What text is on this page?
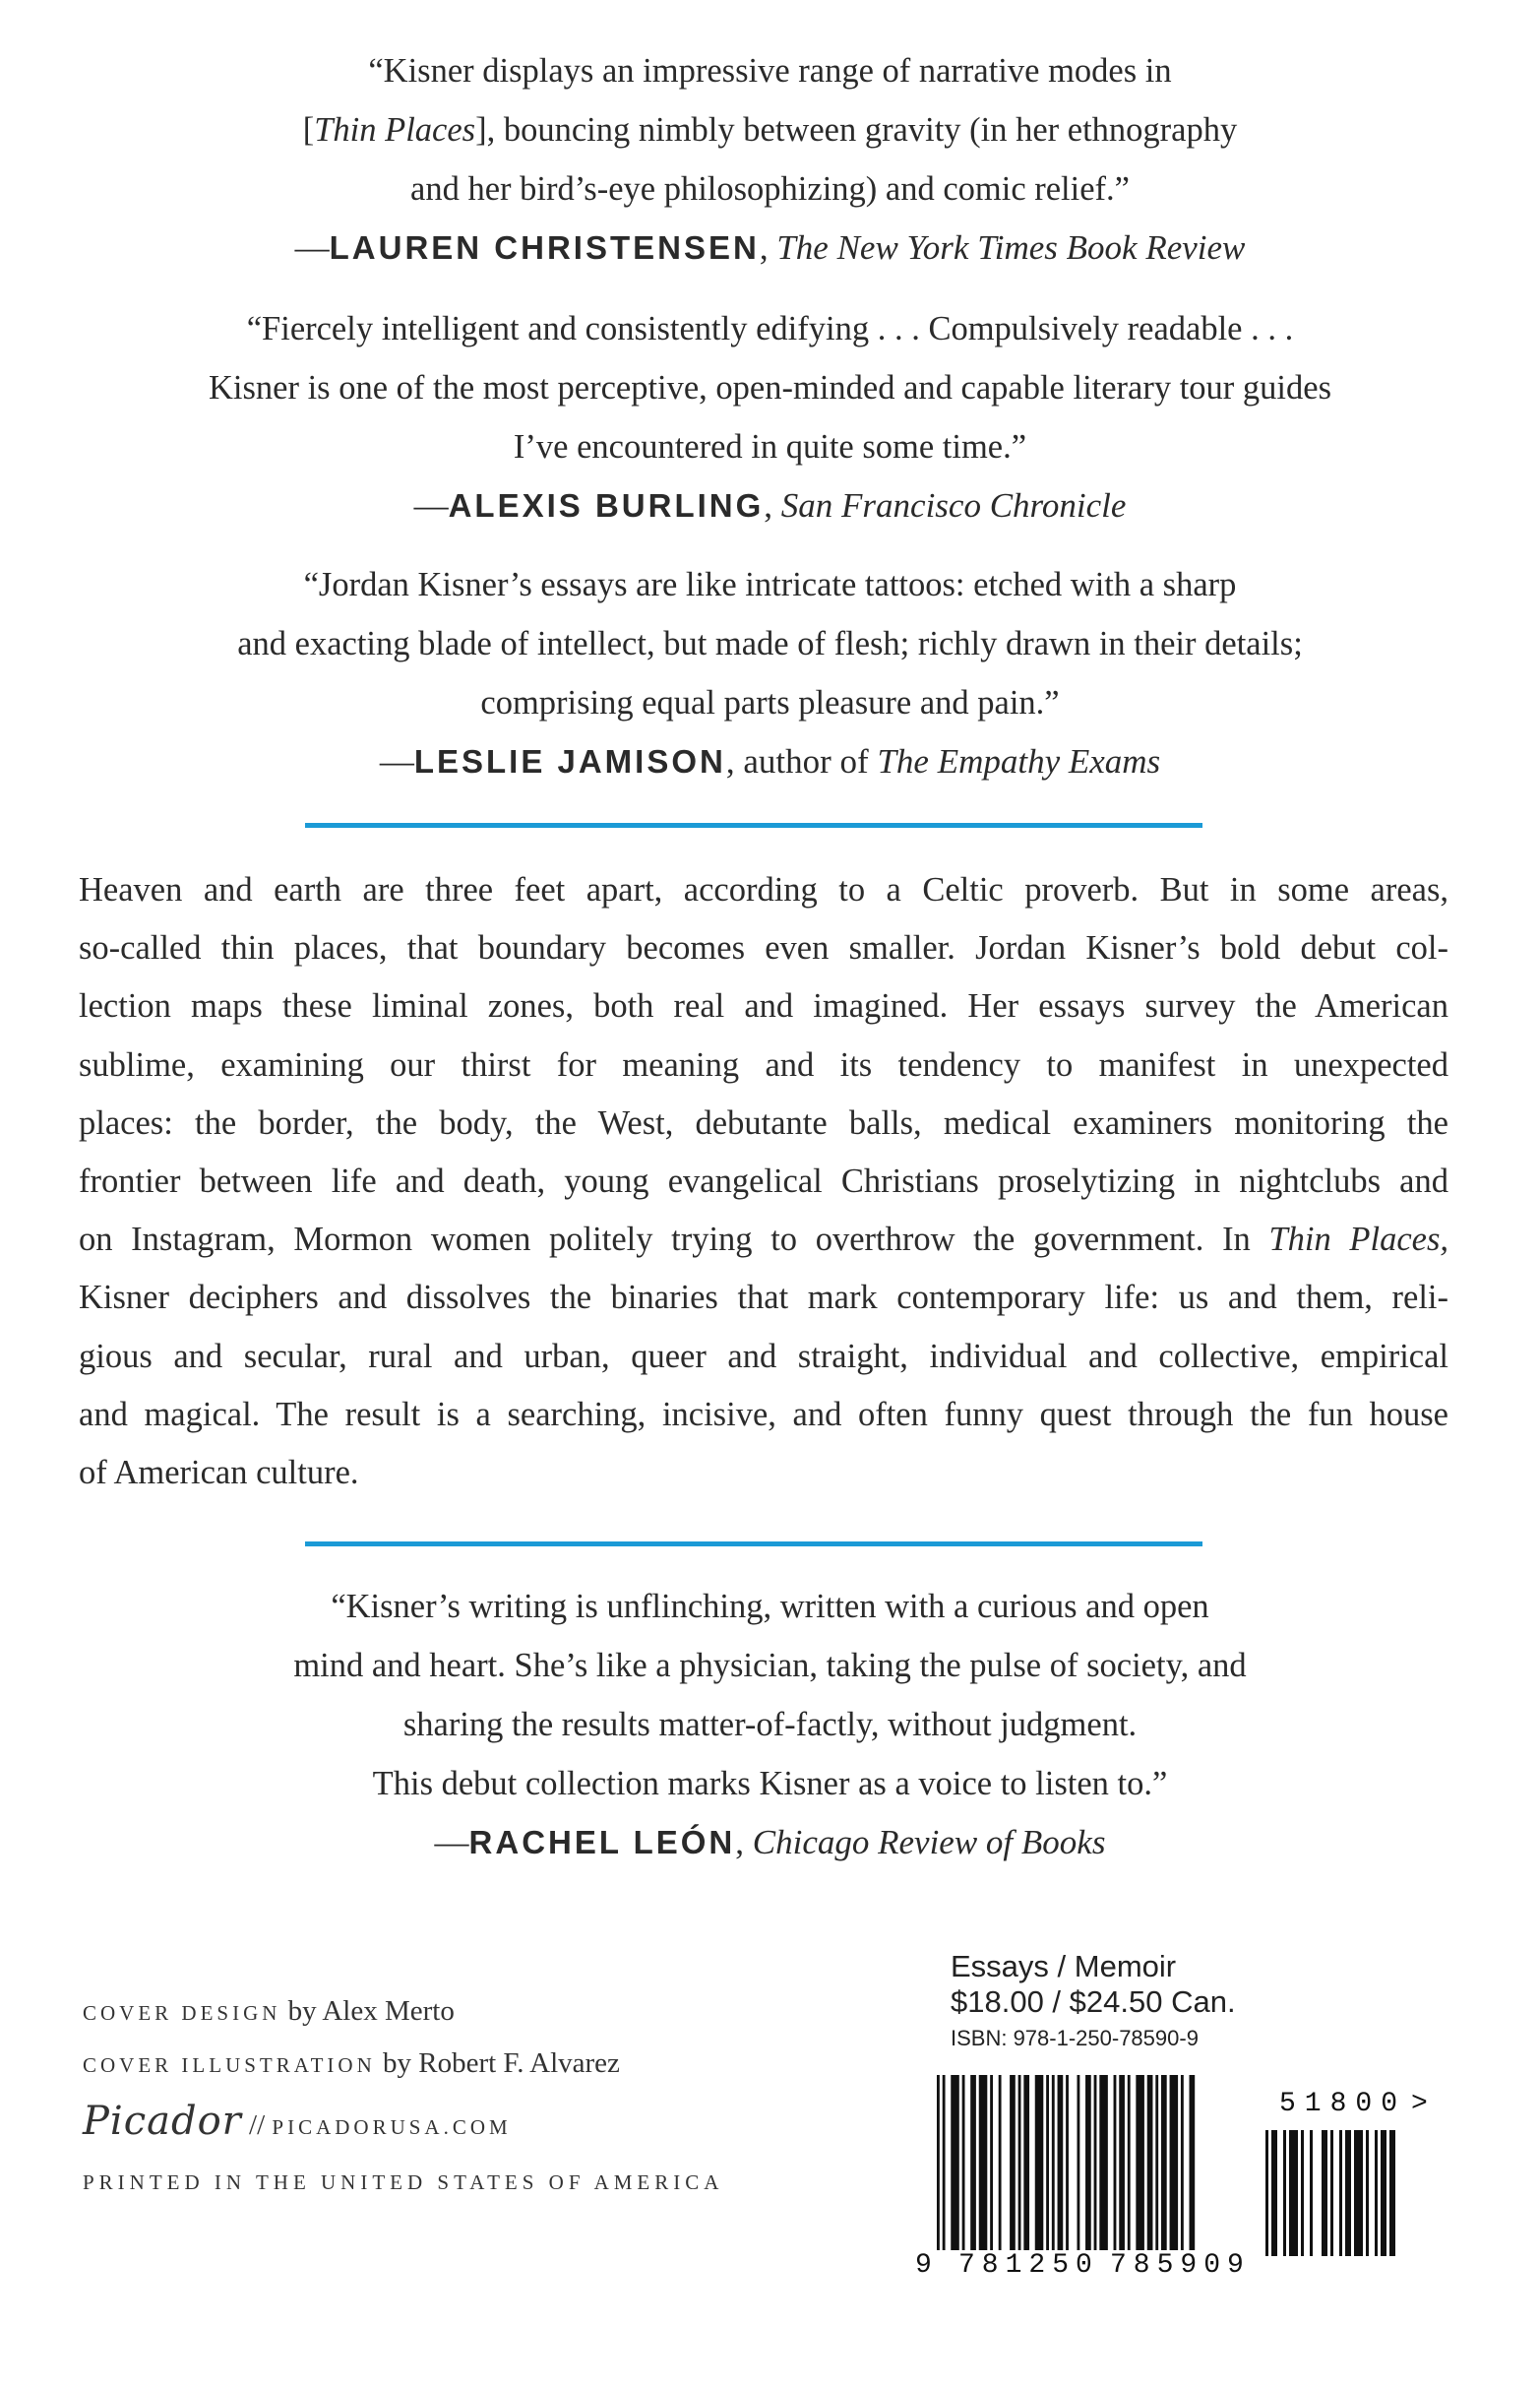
“Kisner displays an impressive range of narrative modes in
[Thin Places], bouncing nimbly between gravity (in her ethnography
and her bird’s-eye philosophizing) and comic relief.”
—LAUREN CHRISTENSEN, The New York Times Book Review
“Fiercely intelligent and consistently edifying . . . Compulsively readable . . .
Kisner is one of the most perceptive, open-minded and capable literary tour guides
I’ve encountered in quite some time.”
—ALEXIS BURLING, San Francisco Chronicle
“Jordan Kisner’s essays are like intricate tattoos: etched with a sharp
and exacting blade of intellect, but made of flesh; richly drawn in their details;
comprising equal parts pleasure and pain.”
—LESLIE JAMISON, author of The Empathy Exams
Heaven and earth are three feet apart, according to a Celtic proverb. But in some areas,
so-called thin places, that boundary becomes even smaller. Jordan Kisner’s bold debut col-
lection maps these liminal zones, both real and imagined. Her essays survey the American
sublime, examining our thirst for meaning and its tendency to manifest in unexpected
places: the border, the body, the West, debutante balls, medical examiners monitoring the
frontier between life and death, young evangelical Christians proselytizing in nightclubs and
on Instagram, Mormon women politely trying to overthrow the government. In Thin Places,
Kisner deciphers and dissolves the binaries that mark contemporary life: us and them, reli-
gious and secular, rural and urban, queer and straight, individual and collective, empirical
and magical. The result is a searching, incisive, and often funny quest through the fun house
of American culture.
“Kisner’s writing is unflinching, written with a curious and open
mind and heart. She’s like a physician, taking the pulse of society, and
sharing the results matter-of-factly, without judgment.
This debut collection marks Kisner as a voice to listen to.”
—RACHEL LEÓN, Chicago Review of Books
COVER DESIGN by Alex Merto
COVER ILLUSTRATION by Robert F. Alvarez
Picador // PICADORUSA.COM
PRINTED IN THE UNITED STATES OF AMERICA
Essays / Memoir
$18.00 / $24.50 Can.
ISBN: 978-1-250-78590-9
9 781250 785909
51800 >
